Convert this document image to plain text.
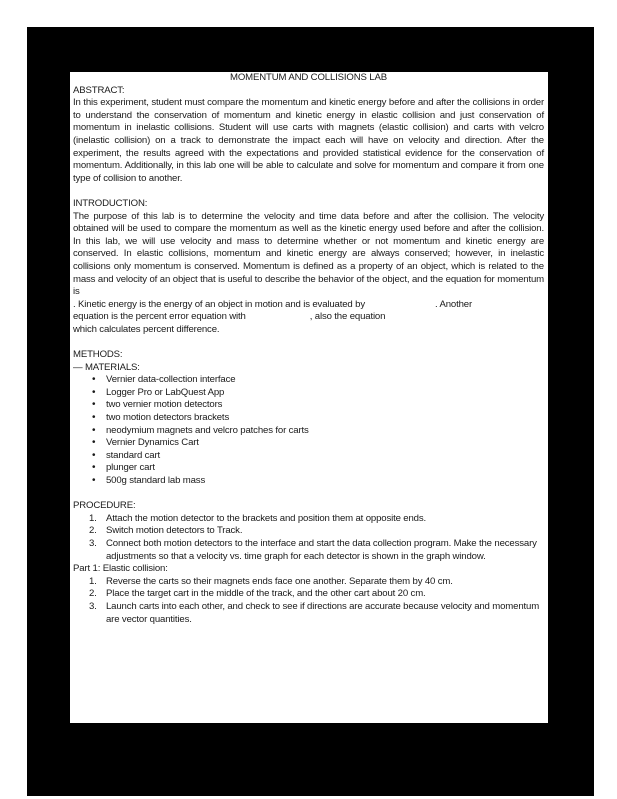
MOMENTUM AND COLLISIONS LAB

ABSTRACT:

In this experiment, student must compare the momentum and kinetic energy before and after the collisions in order to understand the conservation of momentum and kinetic energy in elastic collision and just conservation of momentum in inelastic collisions. Student will use carts with magnets (elastic collision) and carts with velcro (inelastic collision) on a track to demonstrate the impact each will have on velocity and direction. After the experiment, the results agreed with the expectations and provided statistical evidence for the conservation of momentum. Additionally, in this lab one will be able to calculate and solve for momentum and compare it from one type of collision to another.

INTRODUCTION:

The purpose of this lab is to determine the velocity and time data before and after the collision. The velocity obtained will be used to compare the momentum as well as the kinetic energy used before and after the collision. In this lab, we will use velocity and mass to determine whether or not momentum and kinetic energy are conserved. In elastic collisions, momentum and kinetic energy are always conserved; however, in inelastic collisions only momentum is conserved. Momentum is defined as a property of an object, which is related to the mass and velocity of an object that is useful to describe the behavior of the object, and the equation for momentum is

. Kinetic energy is the energy of an object in motion and is evaluated by	. Another

equation is the percent error equation with	, also the equation

which calculates percent difference.

METHODS:

— MATERIALS:

• Vernier data-collection interface
• Logger Pro or LabQuest App
• two vernier motion detectors
• two motion detectors brackets
• neodymium magnets and velcro patches for carts
• Vernier Dynamics Cart
• standard cart
• plunger cart
• 500g standard lab mass

PROCEDURE:

1. Attach the motion detector to the brackets and position them at opposite ends.
2. Switch motion detectors to Track.
3. Connect both motion detectors to the interface and start the data collection program. Make the necessary adjustments so that a velocity vs. time graph for each detector is shown in the graph window.

Part 1: Elastic collision:

1. Reverse the carts so their magnets ends face one another. Separate them by 40 cm.
2. Place the target cart in the middle of the track, and the other cart about 20 cm.
3. Launch carts into each other, and check to see if directions are accurate because velocity and momentum are vector quantities.
